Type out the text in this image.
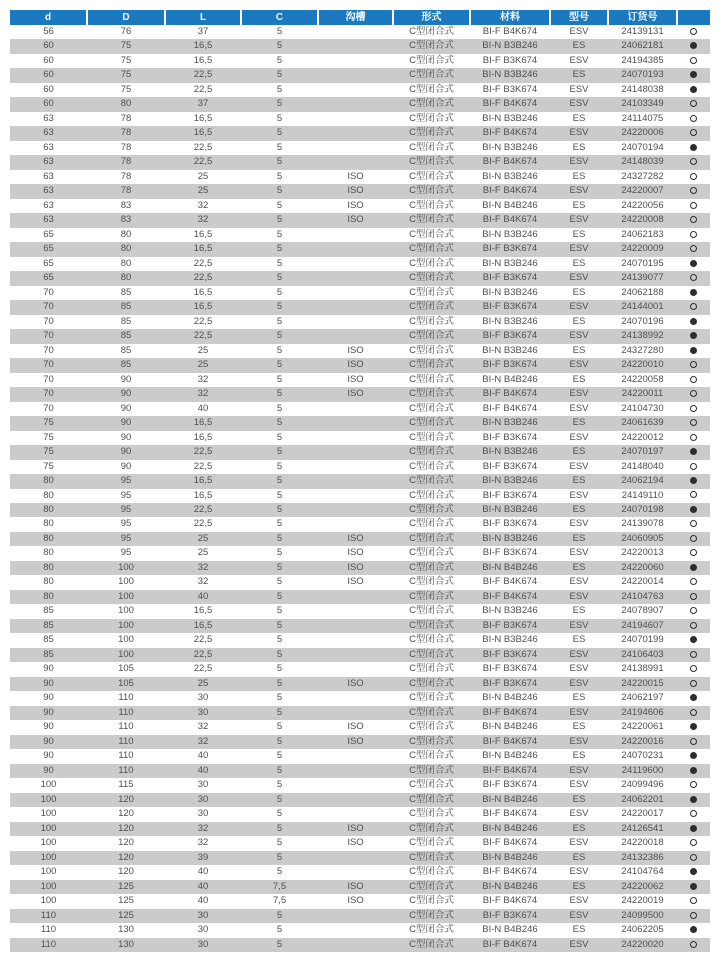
d	D	L	C	沟槽	形式	材料	型号	订货号	
56	76	37	5		C型闭合式	BI-F B4K674	ESV	24139131	
60	75	16,5	5		C型闭合式	BI-N B3B246	ES	24062181	
60	75	16,5	5		C型闭合式	BI-F B3K674	ESV	24194385	
60	75	22,5	5		C型闭合式	BI-N B3B246	ES	24070193	
60	75	22,5	5		C型闭合式	BI-F B3K674	ESV	24148038	
60	80	37	5		C型闭合式	BI-F B4K674	ESV	24103349	
63	78	16,5	5		C型闭合式	BI-N B3B246	ES	24114075	
63	78	16,5	5		C型闭合式	BI-F B4K674	ESV	24220006	
63	78	22,5	5		C型闭合式	BI-N B3B246	ES	24070194	
63	78	22,5	5		C型闭合式	BI-F B4K674	ESV	24148039	
63	78	25	5	ISO	C型闭合式	BI-N B3B246	ES	24327282	
63	78	25	5	ISO	C型闭合式	BI-F B4K674	ESV	24220007	
63	83	32	5	ISO	C型闭合式	BI-N B4B246	ES	24220056	
63	83	32	5	ISO	C型闭合式	BI-F B4K674	ESV	24220008	
65	80	16,5	5		C型闭合式	BI-N B3B246	ES	24062183	
65	80	16,5	5		C型闭合式	BI-F B3K674	ESV	24220009	
65	80	22,5	5		C型闭合式	BI-N B3B246	ES	24070195	
65	80	22,5	5		C型闭合式	BI-F B3K674	ESV	24139077	
70	85	16,5	5		C型闭合式	BI-N B3B246	ES	24062188	
70	85	16,5	5		C型闭合式	BI-F B3K674	ESV	24144001	
70	85	22,5	5		C型闭合式	BI-N B3B246	ES	24070196	
70	85	22,5	5		C型闭合式	BI-F B3K674	ESV	24138992	
70	85	25	5	ISO	C型闭合式	BI-N B3B246	ES	24327280	
70	85	25	5	ISO	C型闭合式	BI-F B3K674	ESV	24220010	
70	90	32	5	ISO	C型闭合式	BI-N B4B246	ES	24220058	
70	90	32	5	ISO	C型闭合式	BI-F B4K674	ESV	24220011	
70	90	40	5		C型闭合式	BI-F B4K674	ESV	24104730	
75	90	16,5	5		C型闭合式	BI-N B3B246	ES	24061639	
75	90	16,5	5		C型闭合式	BI-F B3K674	ESV	24220012	
75	90	22,5	5		C型闭合式	BI-N B3B246	ES	24070197	
75	90	22,5	5		C型闭合式	BI-F B3K674	ESV	24148040	
80	95	16,5	5		C型闭合式	BI-N B3B246	ES	24062194	
80	95	16,5	5		C型闭合式	BI-F B3K674	ESV	24149110	
80	95	22,5	5		C型闭合式	BI-N B3B246	ES	24070198	
80	95	22,5	5		C型闭合式	BI-F B3K674	ESV	24139078	
80	95	25	5	ISO	C型闭合式	BI-N B3B246	ES	24060905	
80	95	25	5	ISO	C型闭合式	BI-F B3K674	ESV	24220013	
80	100	32	5	ISO	C型闭合式	BI-N B4B246	ES	24220060	
80	100	32	5	ISO	C型闭合式	BI-F B4K674	ESV	24220014	
80	100	40	5		C型闭合式	BI-F B4K674	ESV	24104763	
85	100	16,5	5		C型闭合式	BI-N B3B246	ES	24078907	
85	100	16,5	5		C型闭合式	BI-F B3K674	ESV	24194607	
85	100	22,5	5		C型闭合式	BI-N B3B246	ES	24070199	
85	100	22,5	5		C型闭合式	BI-F B3K674	ESV	24106403	
90	105	22,5	5		C型闭合式	BI-F B3K674	ESV	24138991	
90	105	25	5	ISO	C型闭合式	BI-F B3K674	ESV	24220015	
90	110	30	5		C型闭合式	BI-N B4B246	ES	24062197	
90	110	30	5		C型闭合式	BI-F B4K674	ESV	24194606	
90	110	32	5	ISO	C型闭合式	BI-N B4B246	ES	24220061	
90	110	32	5	ISO	C型闭合式	BI-F B4K674	ESV	24220016	
90	110	40	5		C型闭合式	BI-N B4B246	ES	24070231	
90	110	40	5		C型闭合式	BI-F B4K674	ESV	24119600	
100	115	30	5		C型闭合式	BI-F B3K674	ESV	24099496	
100	120	30	5		C型闭合式	BI-N B4B246	ES	24062201	
100	120	30	5		C型闭合式	BI-F B4K674	ESV	24220017	
100	120	32	5	ISO	C型闭合式	BI-N B4B246	ES	24126541	
100	120	32	5	ISO	C型闭合式	BI-F B4K674	ESV	24220018	
100	120	39	5		C型闭合式	BI-N B4B246	ES	24132386	
100	120	40	5		C型闭合式	BI-F B4K674	ESV	24104764	
100	125	40	7,5	ISO	C型闭合式	BI-N B4B246	ES	24220062	
100	125	40	7,5	ISO	C型闭合式	BI-F B4K674	ESV	24220019	
110	125	30	5		C型闭合式	BI-F B3K674	ESV	24099500	
110	130	30	5		C型闭合式	BI-N B4B246	ES	24062205	
110	130	30	5		C型闭合式	BI-F B4K674	ESV	24220020	
